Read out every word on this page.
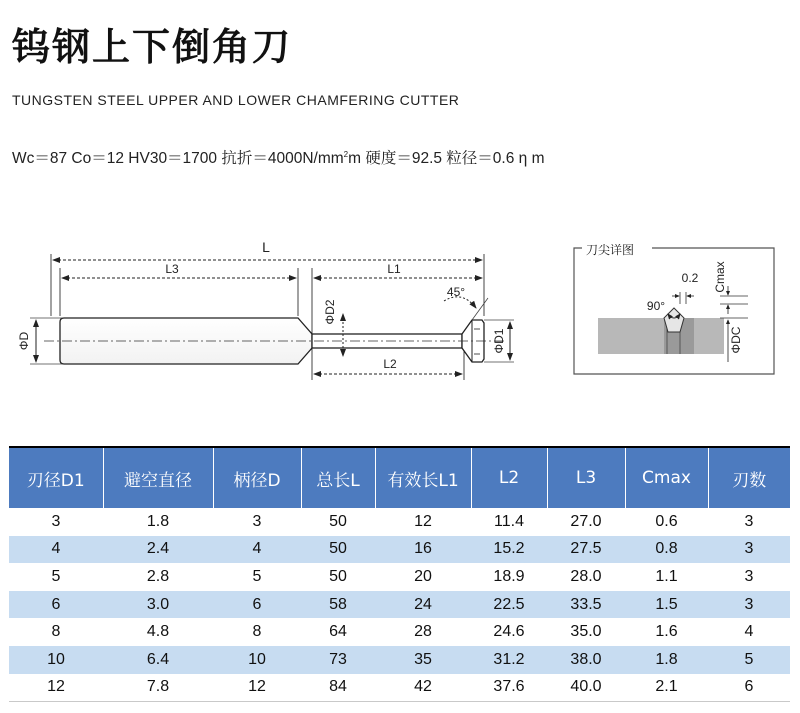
钨钢上下倒角刀
TUNGSTEN STEEL UPPER AND LOWER CHAMFERING CUTTER
Wc＝87 Co＝12 HV30＝1700 抗折$=4000N/mm^2m$ 硬度＝92.5 粒径＝0.6 η m
L
L3	L1
ΦD
ΦD2
ΦD1
45°
L2
刀尖详图
90°
0.2 Cmax
ΦDC
刃径D1	避空直径	柄径D	总长L	有效长L1	L2	L3	Cmax	刃数
3	1.8	3	50	12	11.4	27.0	0.6	3
4	2.4	4	50	16	15.2	27.5	0.8	3
5	2.8	5	50	20	18.9	28.0	1.1	3
6	3.0	6	58	24	22.5	33.5	1.5	3
8	4.8	8	64	28	24.6	35.0	1.6	4
10	6.4	10	73	35	31.2	38.0	1.8	5
12	7.8	12	84	42	37.6	40.0	2.1	6
